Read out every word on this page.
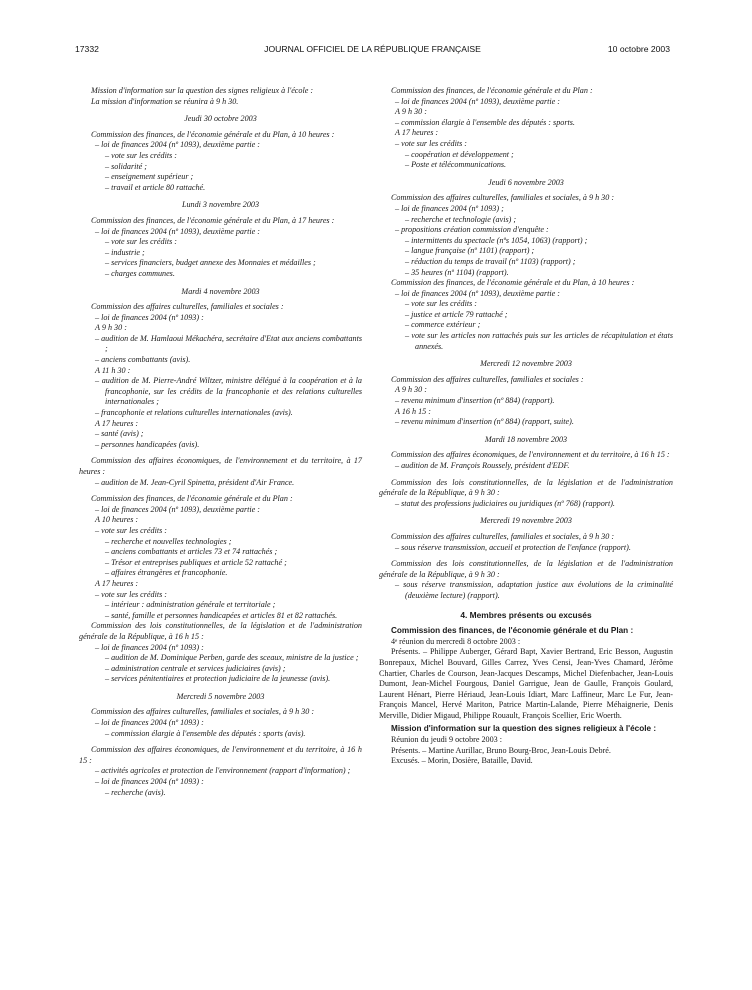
17332	JOURNAL OFFICIEL DE LA RÉPUBLIQUE FRANÇAISE	10 octobre 2003
Mission d'information sur la question des signes religieux à l'école :
La mission d'information se réunira à 9 h 30.
Jeudi 30 octobre 2003
Commission des finances, de l'économie générale et du Plan, à 10 heures :
– loi de finances 2004 (nº 1093), deuxième partie :
– vote sur les crédits :
– solidarité ;
– enseignement supérieur ;
– travail et article 80 rattaché.
Lundi 3 novembre 2003
Commission des finances, de l'économie générale et du Plan, à 17 heures :
– loi de finances 2004 (nº 1093), deuxième partie :
– vote sur les crédits :
– industrie ;
– services financiers, budget annexe des Monnaies et médailles ;
– charges communes.
Mardi 4 novembre 2003
Commission des affaires culturelles, familiales et sociales :
– loi de finances 2004 (nº 1093) :
A 9 h 30 :
– audition de M. Hamlaoui Mékachéra, secrétaire d'Etat aux anciens combattants ;
– anciens combattants (avis).
A 11 h 30 :
– audition de M. Pierre-André Wiltzer, ministre délégué à la coopération et à la francophonie, sur les crédits de la francophonie et des relations culturelles internationales ;
– francophonie et relations culturelles internationales (avis).
A 17 heures :
– santé (avis) ;
– personnes handicapées (avis).
Commission des affaires économiques, de l'environnement et du territoire, à 17 heures :
– audition de M. Jean-Cyril Spinetta, président d'Air France.
Commission des finances, de l'économie générale et du Plan :
– loi de finances 2004 (nº 1093), deuxième partie :
A 10 heures :
– vote sur les crédits :
– recherche et nouvelles technologies ;
– anciens combattants et articles 73 et 74 rattachés ;
– Trésor et entreprises publiques et article 52 rattaché ;
– affaires étrangères et francophonie.
A 17 heures :
– vote sur les crédits :
– intérieur : administration générale et territoriale ;
– santé, famille et personnes handicapées et articles 81 et 82 rattachés.
Commission des lois constitutionnelles, de la législation et de l'administration générale de la République, à 16 h 15 :
– loi de finances 2004 (nº 1093) :
– audition de M. Dominique Perben, garde des sceaux, ministre de la justice ;
– administration centrale et services judiciaires (avis) ;
– services pénitentiaires et protection judiciaire de la jeunesse (avis).
Mercredi 5 novembre 2003
Commission des affaires culturelles, familiales et sociales, à 9 h 30 :
– loi de finances 2004 (nº 1093) :
– commission élargie à l'ensemble des députés : sports (avis).
Commission des affaires économiques, de l'environnement et du territoire, à 16 h 15 :
– activités agricoles et protection de l'environnement (rapport d'information) ;
– loi de finances 2004 (nº 1093) :
– recherche (avis).
Commission des finances, de l'économie générale et du Plan :
– loi de finances 2004 (nº 1093), deuxième partie :
A 9 h 30 :
– commission élargie à l'ensemble des députés : sports.
A 17 heures :
– vote sur les crédits :
– coopération et développement ;
– Poste et télécommunications.
Jeudi 6 novembre 2003
Commission des affaires culturelles, familiales et sociales, à 9 h 30 :
– loi de finances 2004 (nº 1093) ;
– recherche et technologie (avis) ;
– propositions création commission d'enquête :
– intermittents du spectacle (nºs 1054, 1063) (rapport) ;
– langue française (nº 1101) (rapport) ;
– réduction du temps de travail (nº 1103) (rapport) ;
– 35 heures (nº 1104) (rapport).
Commission des finances, de l'économie générale et du Plan, à 10 heures :
– loi de finances 2004 (nº 1093), deuxième partie :
– vote sur les crédits :
– justice et article 79 rattaché ;
– commerce extérieur ;
– vote sur les articles non rattachés puis sur les articles de récapitulation et états annexés.
Mercredi 12 novembre 2003
Commission des affaires culturelles, familiales et sociales :
A 9 h 30 :
– revenu minimum d'insertion (nº 884) (rapport).
A 16 h 15 :
– revenu minimum d'insertion (nº 884) (rapport, suite).
Mardi 18 novembre 2003
Commission des affaires économiques, de l'environnement et du territoire, à 16 h 15 :
– audition de M. François Roussely, président d'EDF.
Commission des lois constitutionnelles, de la législation et de l'administration générale de la République, à 9 h 30 :
– statut des professions judiciaires ou juridiques (nº 768) (rapport).
Mercredi 19 novembre 2003
Commission des affaires culturelles, familiales et sociales, à 9 h 30 :
– sous réserve transmission, accueil et protection de l'enfance (rapport).
Commission des lois constitutionnelles, de la législation et de l'administration générale de la République, à 9 h 30 :
– sous réserve transmission, adaptation justice aux évolutions de la criminalité (deuxième lecture) (rapport).
4. Membres présents ou excusés
Commission des finances, de l'économie générale et du Plan :
4ᵉ réunion du mercredi 8 octobre 2003 :
Présents. – Philippe Auberger, Gérard Bapt, Xavier Bertrand, Eric Besson, Augustin Bonrepaux, Michel Bouvard, Gilles Carrez, Yves Censi, Jean-Yves Chamard, Jérôme Chartier, Charles de Courson, Jean-Jacques Descamps, Michel Diefenbacher, Jean-Louis Dumont, Jean-Michel Fourgous, Daniel Garrigue, Jean de Gaulle, François Goulard, Laurent Hénart, Pierre Hériaud, Jean-Louis Idiart, Marc Laffineur, Marc Le Fur, Jean-François Mancel, Hervé Mariton, Patrice Martin-Lalande, Pierre Méhaignerie, Denis Merville, Didier Migaud, Philippe Rouault, François Scellier, Eric Woerth.
Mission d'information sur la question des signes religieux à l'école :
Réunion du jeudi 9 octobre 2003 :
Présents. – Martine Aurillac, Bruno Bourg-Broc, Jean-Louis Debré.
Excusés. – Morin, Dosière, Bataille, David.
